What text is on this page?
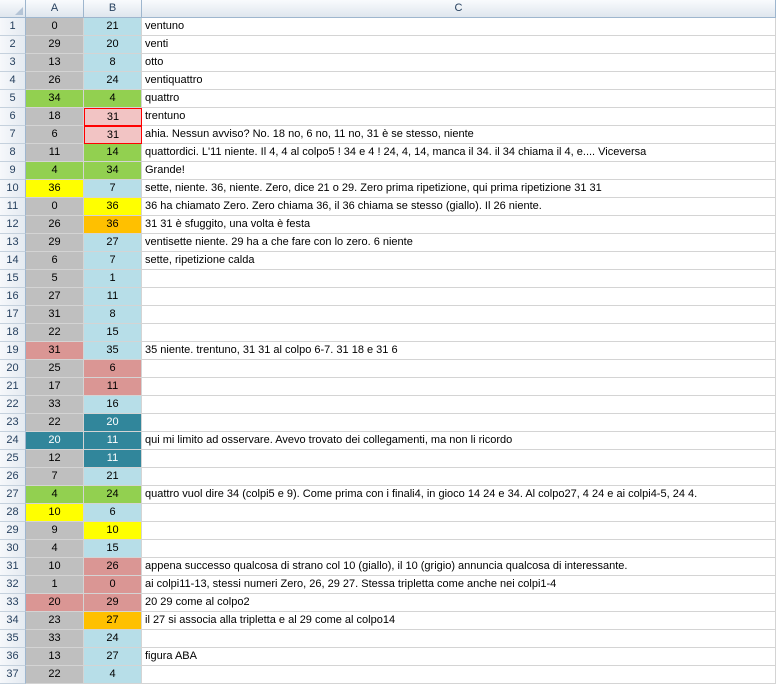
A	B	C
1	0	21	ventuno
2	29	20	venti
3	13	8	otto
4	26	24	ventiquattro
5	34	4	quattro
6	18	31	trentuno
7	6	31	ahia. Nessun avviso? No. 18 no, 6 no, 11 no, 31 è se stesso, niente
8	11	14	quattordici. L'11 niente. Il 4, 4 al colpo5 ! 34 e 4 ! 24, 4, 14, manca il 34. il 34 chiama il 4, e.... Viceversa
9	4	34	Grande!
10	36	7	sette, niente. 36, niente. Zero, dice 21 o 29. Zero prima ripetizione, qui prima ripetizione 31 31
11	0	36	36 ha chiamato Zero. Zero chiama 36, il 36 chiama se stesso (giallo). Il 26 niente.
12	26	36	31 31 è sfuggito, una volta è festa
13	29	27	ventisette niente. 29 ha a che fare con lo zero. 6 niente
14	6	7	sette, ripetizione calda
15	5	1
16	27	11
17	31	8
18	22	15
19	31	35	35 niente. trentuno, 31 31 al colpo 6-7. 31 18 e 31 6
20	25	6
21	17	11
22	33	16
23	22	20
24	20	11	qui mi limito ad osservare. Avevo trovato dei collegamenti, ma non li ricordo
25	12	11
26	7	21
27	4	24	quattro vuol dire 34 (colpi5 e 9). Come prima con i finali4, in gioco 14 24 e 34. Al colpo27, 4 24 e ai colpi4-5, 24 4.
28	10	6
29	9	10
30	4	15
31	10	26	appena successo qualcosa di strano col 10 (giallo), il 10 (grigio) annuncia qualcosa di interessante.
32	1	0	ai colpi11-13, stessi numeri Zero, 26, 29 27. Stessa tripletta come anche nei colpi1-4
33	20	29	20 29 come al colpo2
34	23	27	il 27 si associa alla tripletta e al 29 come al colpo14
35	33	24
36	13	27	figura ABA
37	22	4
